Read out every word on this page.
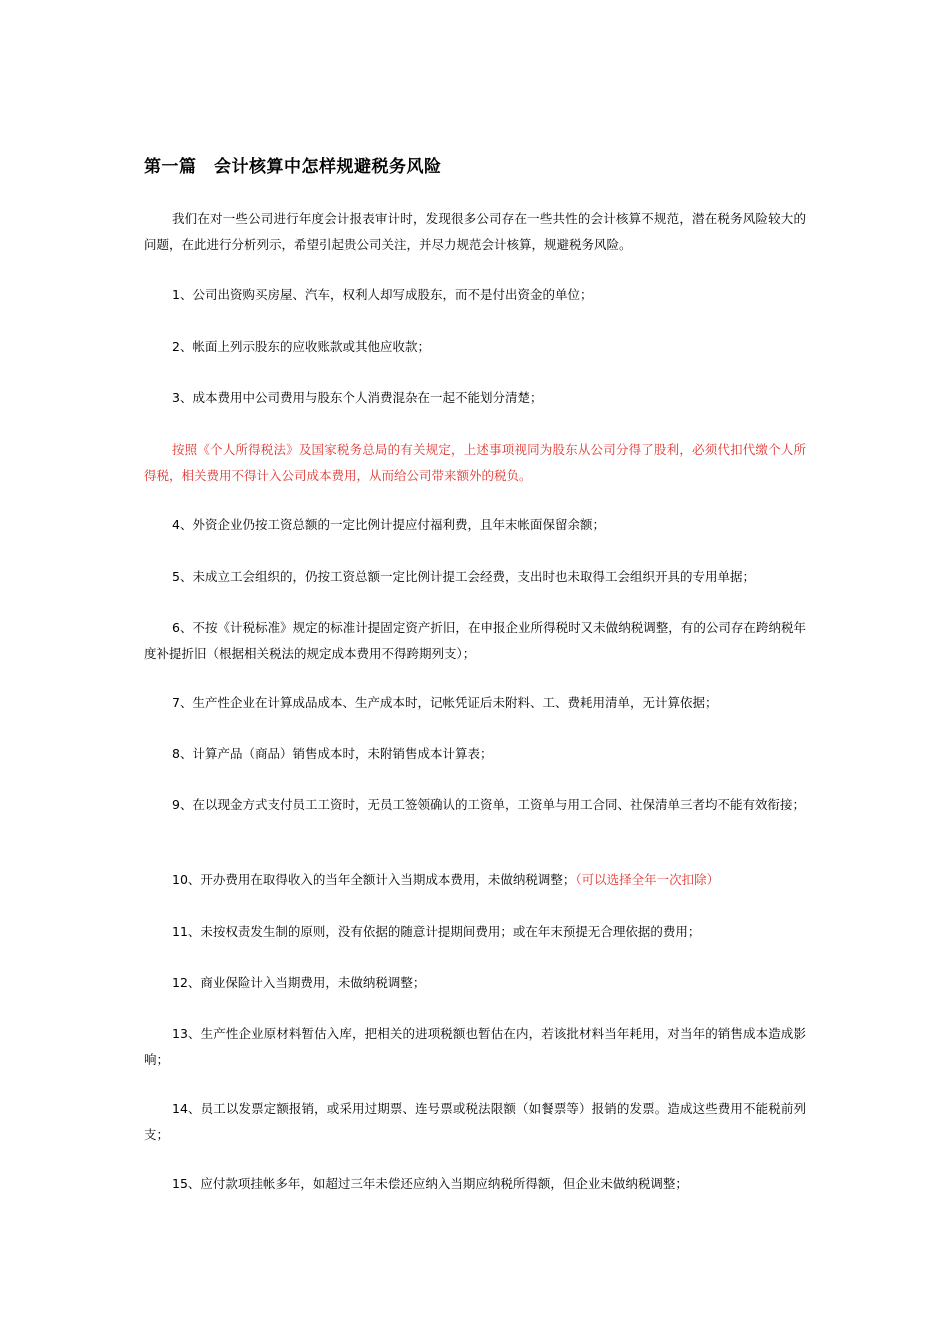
第一篇　会计核算中怎样规避税务风险

我们在对一些公司进行年度会计报表审计时，发现很多公司存在一些共性的会计核算不规范，潜在税务风险较大的问题，在此进行分析列示，希望引起贵公司关注，并尽力规范会计核算，规避税务风险。

1、公司出资购买房屋、汽车，权利人却写成股东，而不是付出资金的单位；

2、帐面上列示股东的应收账款或其他应收款；

3、成本费用中公司费用与股东个人消费混杂在一起不能划分清楚；

按照《个人所得税法》及国家税务总局的有关规定，上述事项视同为股东从公司分得了股利，必须代扣代缴个人所得税，相关费用不得计入公司成本费用，从而给公司带来额外的税负。

4、外资企业仍按工资总额的一定比例计提应付福利费，且年末帐面保留余额；

5、未成立工会组织的，仍按工资总额一定比例计提工会经费，支出时也未取得工会组织开具的专用单据；

6、不按《计税标准》规定的标准计提固定资产折旧，在申报企业所得税时又未做纳税调整，有的公司存在跨纳税年度补提折旧（根据相关税法的规定成本费用不得跨期列支）；

7、生产性企业在计算成品成本、生产成本时，记帐凭证后未附料、工、费耗用清单，无计算依据；

8、计算产品（商品）销售成本时，未附销售成本计算表；

9、在以现金方式支付员工工资时，无员工签领确认的工资单，工资单与用工合同、社保清单三者均不能有效衔接；

10、开办费用在取得收入的当年全额计入当期成本费用，未做纳税调整；（可以选择全年一次扣除）

11、未按权责发生制的原则，没有依据的随意计提期间费用；或在年末预提无合理依据的费用；

12、商业保险计入当期费用，未做纳税调整；

13、生产性企业原材料暂估入库，把相关的进项税额也暂估在内，若该批材料当年耗用，对当年的销售成本造成影响；

14、员工以发票定额报销，或采用过期票、连号票或税法限额（如餐票等）报销的发票。造成这些费用不能税前列支；

15、应付款项挂帐多年，如超过三年未偿还应纳入当期应纳税所得额，但企业未做纳税调整；
